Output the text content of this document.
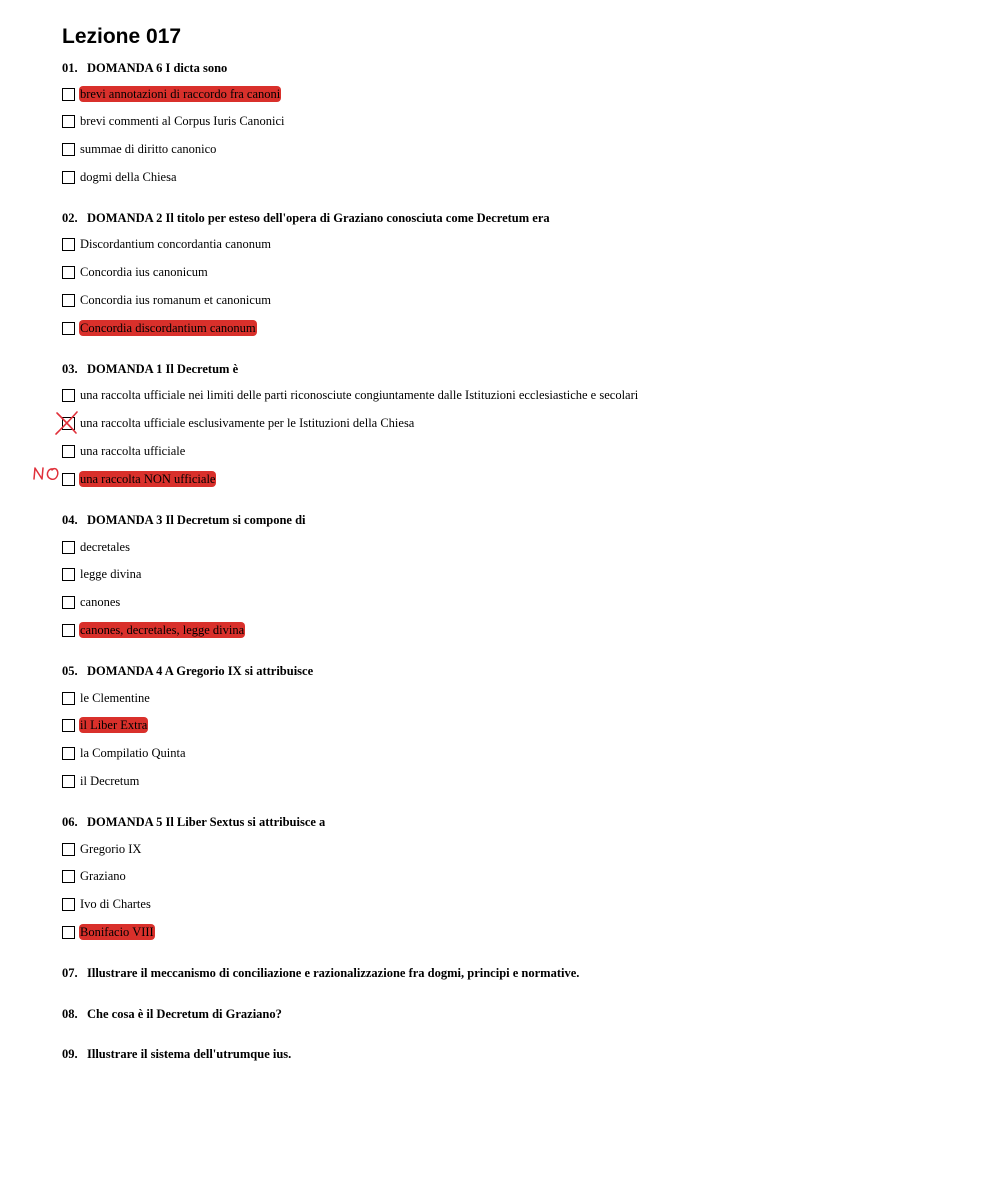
Lezione 017
01. DOMANDA 6 I dicta sono
brevi annotazioni di raccordo fra canoni
brevi commenti al Corpus Iuris Canonici
summae di diritto canonico
dogmi della Chiesa
02. DOMANDA 2 Il titolo per esteso dell'opera di Graziano conosciuta come Decretum era
Discordantium concordantia canonum
Concordia ius canonicum
Concordia ius romanum et canonicum
Concordia discordantium canonum
03. DOMANDA 1 Il Decretum è
una raccolta ufficiale nei limiti delle parti riconosciute congiuntamente dalle Istituzioni ecclesiastiche e secolari
una raccolta ufficiale esclusivamente per le Istituzioni della Chiesa
una raccolta ufficiale
una raccolta NON ufficiale
04. DOMANDA 3 Il Decretum si compone di
decretales
legge divina
canones
canones, decretales, legge divina
05. DOMANDA 4 A Gregorio IX si attribuisce
le Clementine
il Liber Extra
la Compilatio Quinta
il Decretum
06. DOMANDA 5 Il Liber Sextus si attribuisce a
Gregorio IX
Graziano
Ivo di Chartes
Bonifacio VIII
07. Illustrare il meccanismo di conciliazione e razionalizzazione fra dogmi, principi e normative.
08. Che cosa è il Decretum di Graziano?
09. Illustrare il sistema dell'utrumque ius.
